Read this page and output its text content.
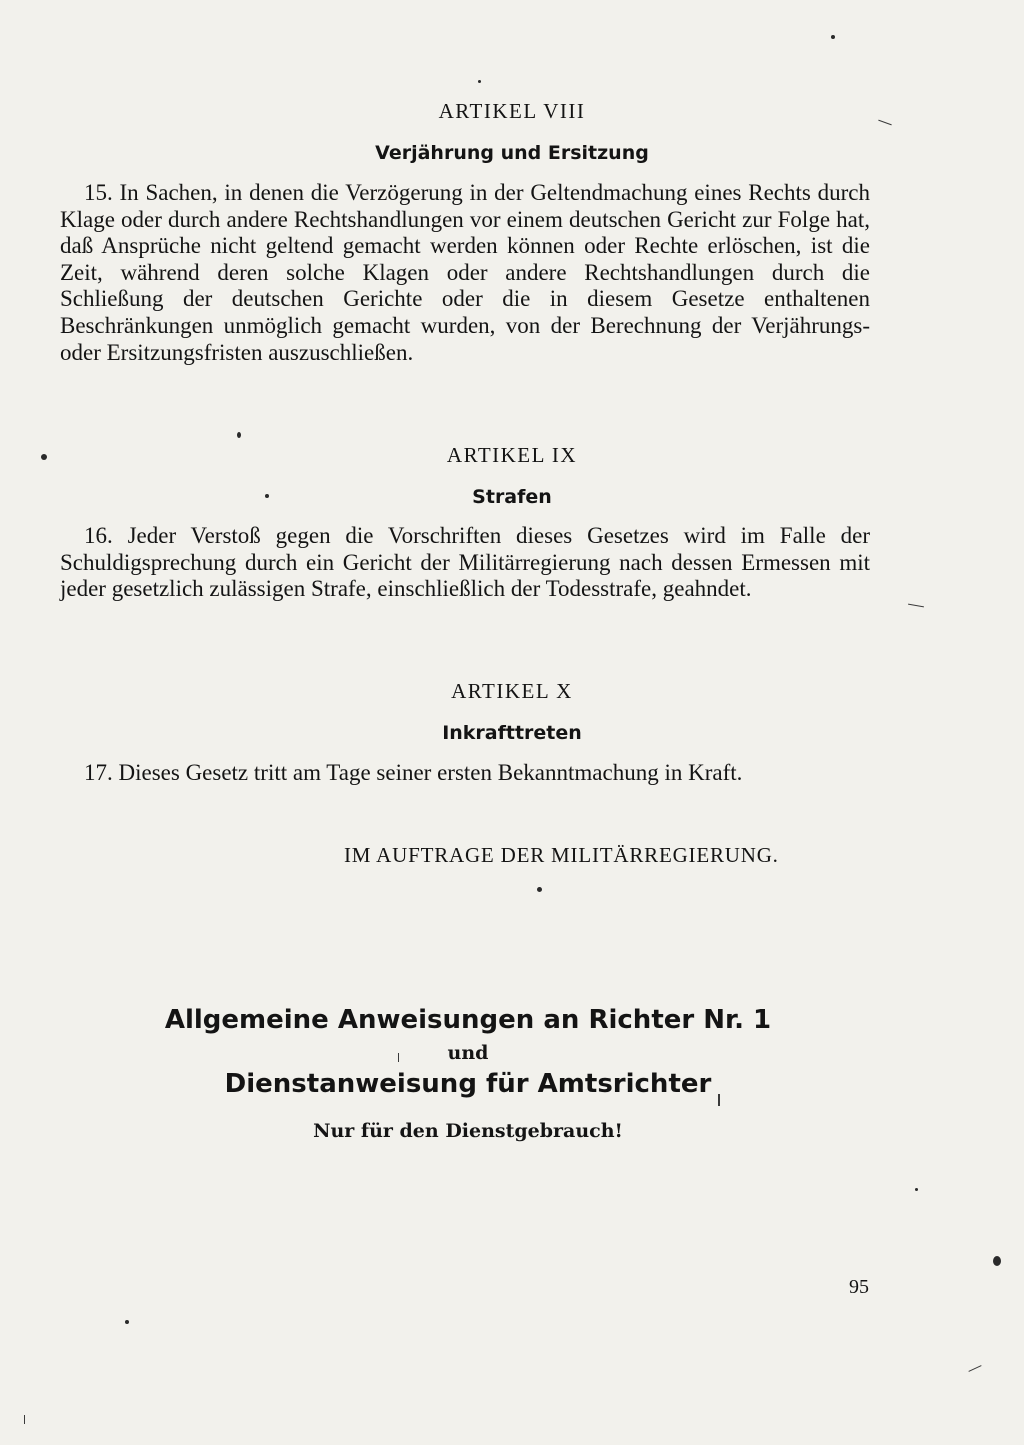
ARTIKEL VIII
Verjährung und Ersitzung

15. In Sachen, in denen die Verzögerung in der Geltendmachung eines Rechts durch Klage oder durch andere Rechtshandlungen vor einem deutschen Gericht zur Folge hat, daß Ansprüche nicht geltend gemacht werden können oder Rechte erlöschen, ist die Zeit, während deren solche Klagen oder andere Rechtshandlungen durch die Schließung der deutschen Gerichte oder die in diesem Gesetze enthaltenen Beschränkungen unmöglich gemacht wurden, von der Berechnung der Verjährungs- oder Ersitzungsfristen auszuschließen.

ARTIKEL IX
Strafen

16. Jeder Verstoß gegen die Vorschriften dieses Gesetzes wird im Falle der Schuldigsprechung durch ein Gericht der Militärregierung nach dessen Ermessen mit jeder gesetzlich zulässigen Strafe, einschließlich der Todesstrafe, geahndet.

ARTIKEL X
Inkrafttreten

17. Dieses Gesetz tritt am Tage seiner ersten Bekanntmachung in Kraft.

IM AUFTRAGE DER MILITÄRREGIERUNG.
Allgemeine Anweisungen an Richter Nr. 1
und
Dienstanweisung für Amtsrichter
Nur für den Dienstgebrauch!
95
